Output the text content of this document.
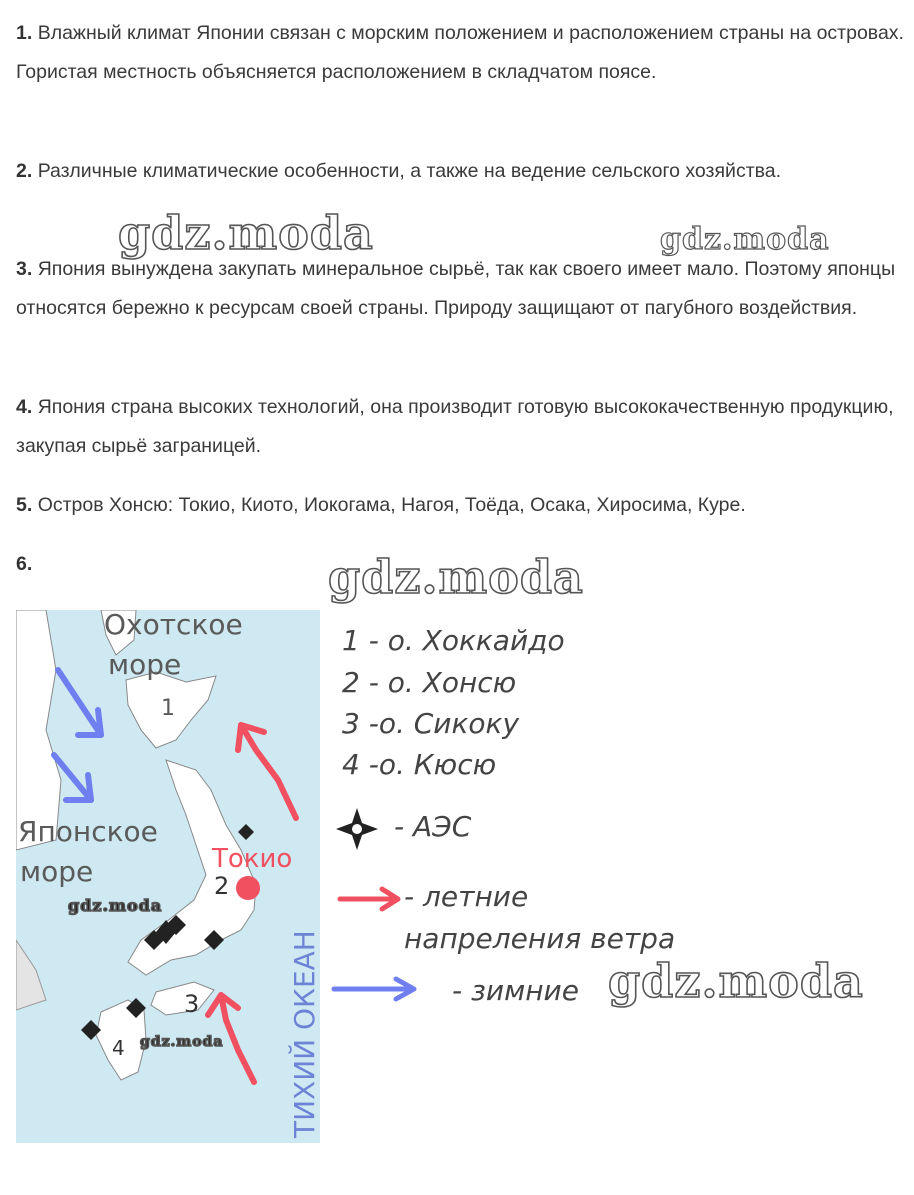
1. Влажный климат Японии связан с морским положением и расположением страны на островах. Гористая местность объясняется расположением в складчатом поясе.
2. Различные климатические особенности, а также на ведение сельского хозяйства.
3. Япония вынуждена закупать минеральное сырьё, так как своего имеет мало. Поэтому японцы относятся бережно к ресурсам своей страны. Природу защищают от пагубного воздействия.
4. Япония страна высоких технологий, она производит готовую высококачественную продукцию, закупая сырьё заграницей.
5. Остров Хонсю: Токио, Киото, Иокогама, Нагоя, Тоёда, Осака, Хиросима, Куре.
6.
Охотское
море
Японское
море
1
2
3
4
Токио
ТИХИЙ ОКЕАН
1 - о. Хоккайдо
2 - о. Хонсю
3 -о. Сикоку
4 -о. Кюсю
- АЭС
- летние
напрeления ветра
- зимние
gdz.moda	gdz.moda
gdz.moda
gdz.moda
gdz.moda
gdz.moda
